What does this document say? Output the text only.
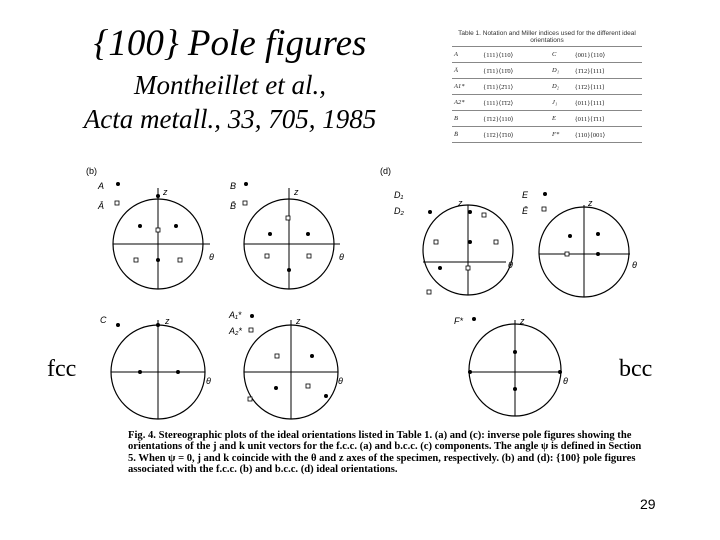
{100} Pole figures
Montheillet et al.,
Acta metall., 33, 705, 1985
Table 1. Notation and Miller indices used for the different ideal orientations
A	{111}⟨110⟩	C	{001}⟨110⟩
Ā	{1̄11}⟨11̄0⟩	D₁	{1̄12}⟨111⟩
A1*	{1̄11}⟨2̄11⟩	D₂	{11̄2}⟨111⟩
A2*	{111}⟨1̄1̄2⟩	J₁	{011}⟨111⟩
B	{1̄12}⟨110⟩	E	{011}⟨1̄11⟩
B̄	{11̄2}⟨1̄10⟩	F*	{110}⟨001⟩
(b)	(d)
z
θ
A
Ā
z
θ
B
B̄	z
θ
D₁
D₂
z
θ
E
Ē
z
θ
C	z
θ
A₁*
A₂*
z
θ
F*
fcc	bcc
Fig. 4. Stereographic plots of the ideal orientations listed in Table 1. (a) and (c): inverse pole figures showing the orientations of the j and k unit vectors for the f.c.c. (a) and b.c.c. (c) components. The angle ψ is defined in Section 5. When ψ = 0, j and k coincide with the θ and z axes of the specimen, respectively. (b) and (d): {100} pole figures associated with the f.c.c. (b) and b.c.c. (d) ideal orientations.
29
